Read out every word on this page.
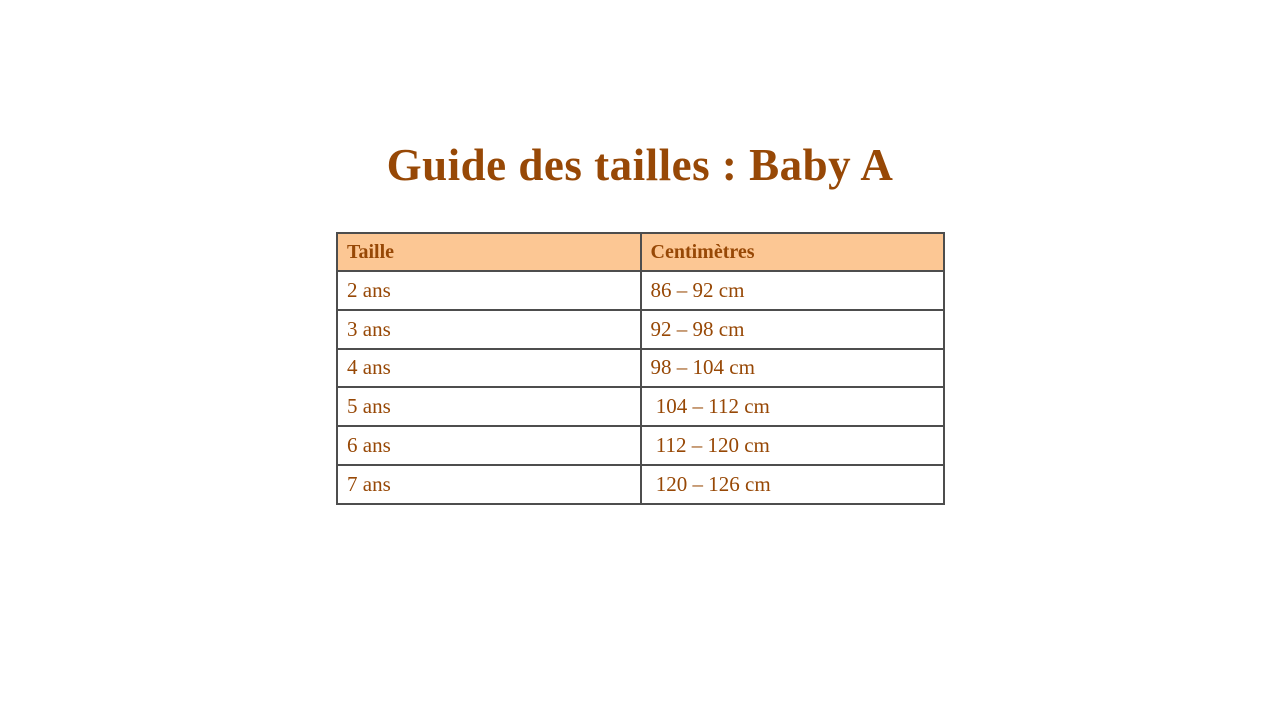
Guide des tailles : Baby A
Taille	Centimètres
2 ans	86 – 92 cm
3 ans	92 – 98 cm
4 ans	98 – 104 cm
5 ans	104 – 112 cm
6 ans	112 – 120 cm
7 ans	120 – 126 cm
